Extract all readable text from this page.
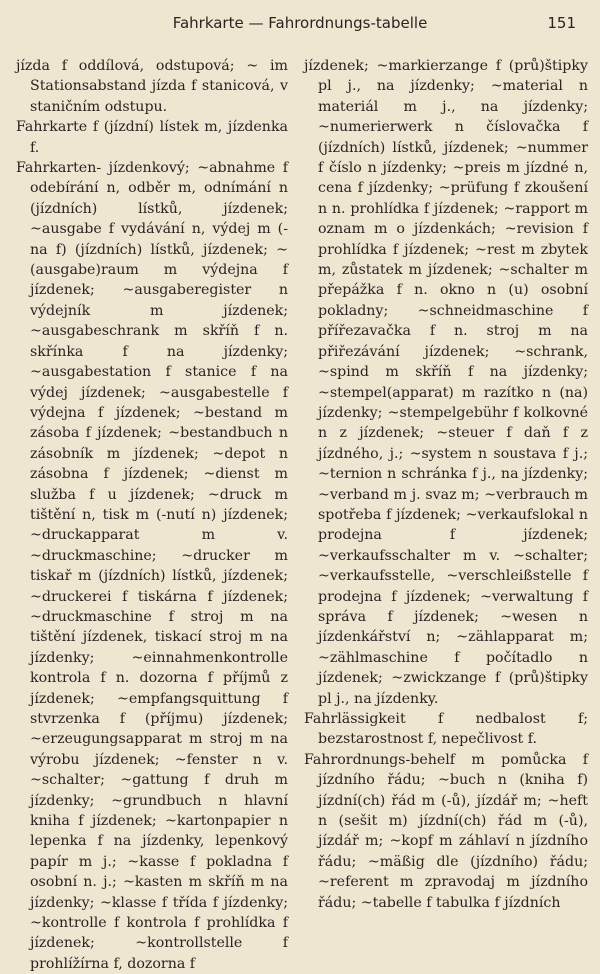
Fahrkarte — Fahrordnungs-tabelle	151

jízda f oddílová, odstupová; ~ im Stationsabstand jízda f stanicová, v staničním odstupu.

Fahrkarte f (jízdní) lístek m, jízdenka f.

Fahrkarten- jízdenkový; ~abnahme f odebírání n, odběr m, odnímání n (jízdních) lístků, jízdenek; ~ausgabe f vydávání n, výdej m (-na f) (jízdních) lístků, jízdenek; ~(ausgabe)raum m výdejna f jízdenek; ~ausgaberegister n výdejník m jízdenek; ~ausgabeschrank m skříň f n. skřínka f na jízdenky; ~ausgabestation f stanice f na výdej jízdenek; ~ausgabestelle f výdejna f jízdenek; ~bestand m zásoba f jízdenek; ~bestandbuch n zásobník m jízdenek; ~depot n zásobna f jízdenek; ~dienst m služba f u jízdenek; ~druck m tištění n, tisk m (-nutí n) jízdenek; ~druckapparat m v. ~druckmaschine; ~drucker m tiskař m (jízdních) lístků, jízdenek; ~druckerei f tiskárna f jízdenek; ~druckmaschine f stroj m na tištění jízdenek, tiskací stroj m na jízdenky; ~einnahmenkontrolle kontrola f n. dozorna f příjmů z jízdenek; ~empfangsquittung f stvrzenka f (příjmu) jízdenek; ~erzeugungsapparat m stroj m na výrobu jízdenek; ~fenster n v. ~schalter; ~gattung f druh m jízdenky; ~grundbuch n hlavní kniha f jízdenek; ~kartonpapier n lepenka f na jízdenky, lepenkový papír m j.; ~kasse f pokladna f osobní n. j.; ~kasten m skříň m na jízdenky; ~klasse f třída f jízdenky; ~kontrolle f kontrola f prohlídka f jízdenek; ~kontrollstelle f prohlížírna f, dozorna f

jízdenek; ~markierzange f (prů)štipky pl j., na jízdenky; ~material n materiál m j., na jízdenky; ~numerierwerk n číslovačka f (jízdních) lístků, jízdenek; ~nummer f číslo n jízdenky; ~preis m jízdné n, cena f jízdenky; ~prüfung f zkoušení n n. prohlídka f jízdenek; ~rapport m oznam m o jízdenkách; ~revision f prohlídka f jízdenek; ~rest m zbytek m, zůstatek m jízdenek; ~schalter m přepážka f n. okno n (u) osobní pokladny; ~schneidmaschine f přířezavačka f n. stroj m na přiřezávání jízdenek; ~schrank, ~spind m skříň f na jízdenky; ~stempel(apparat) m razítko n (na) jízdenky; ~stempelgebühr f kolkovné n z jízdenek; ~steuer f daň f z jízdného, j.; ~system n soustava f j.; ~ternion n schránka f j., na jízdenky; ~verband m j. svaz m; ~verbrauch m spotřeba f jízdenek; ~verkaufslokal n prodejna f jízdenek; ~verkaufsschalter m v. ~schalter; ~verkaufsstelle, ~verschleißstelle f prodejna f jízdenek; ~verwaltung f správa f jízdenek; ~wesen n jízdenkářství n; ~zählapparat m; ~zählmaschine f počítadlo n jízdenek; ~zwickzange f (prů)štipky pl j., na jízdenky.

Fahrlässigkeit f nedbalost f; bezstarostnost f, nepečlivost f.

Fahrordnungs-behelf m pomůcka f jízdního řádu; ~buch n (kniha f) jízdní(ch) řád m (-ů), jízdář m; ~heft n (sešit m) jízdní(ch) řád m (-ů), jízdář m; ~kopf m záhlaví n jízdního řádu; ~mäßig dle (jízdního) řádu; ~referent m zpravodaj m jízdního řádu; ~tabelle f tabulka f jízdních
